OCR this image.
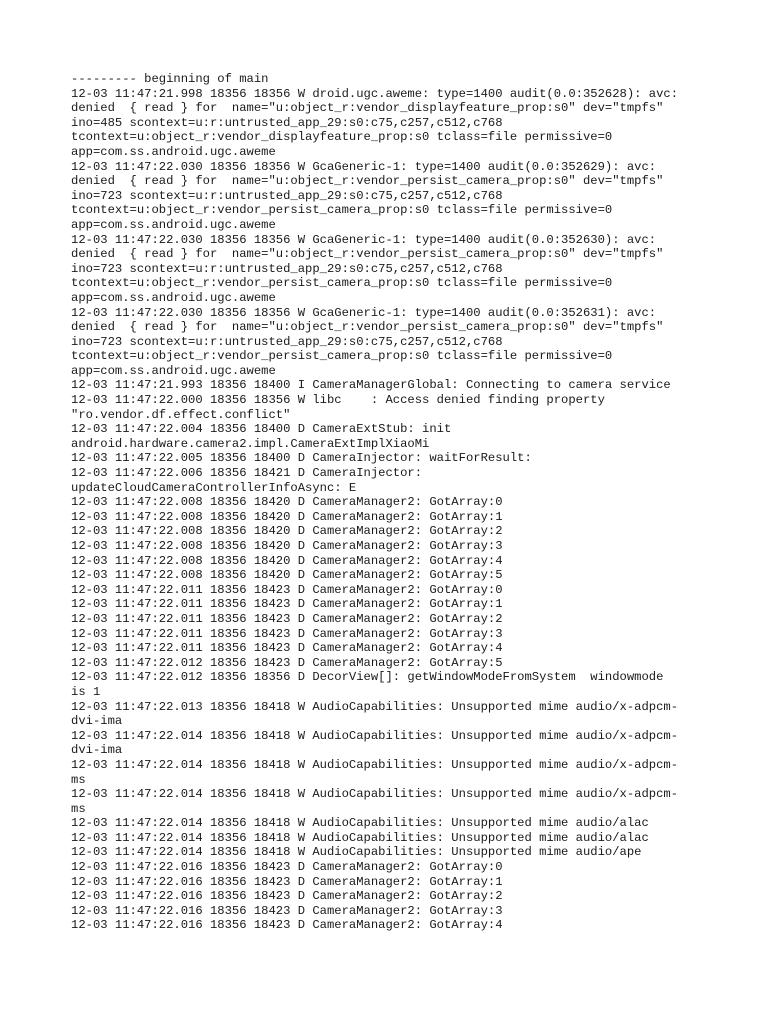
--------- beginning of main
12-03 11:47:21.998 18356 18356 W droid.ugc.aweme: type=1400 audit(0.0:352628): avc:
denied  { read } for  name="u:object_r:vendor_displayfeature_prop:s0" dev="tmpfs"
ino=485 scontext=u:r:untrusted_app_29:s0:c75,c257,c512,c768
tcontext=u:object_r:vendor_displayfeature_prop:s0 tclass=file permissive=0
app=com.ss.android.ugc.aweme
12-03 11:47:22.030 18356 18356 W GcaGeneric-1: type=1400 audit(0.0:352629): avc:
denied  { read } for  name="u:object_r:vendor_persist_camera_prop:s0" dev="tmpfs"
ino=723 scontext=u:r:untrusted_app_29:s0:c75,c257,c512,c768
tcontext=u:object_r:vendor_persist_camera_prop:s0 tclass=file permissive=0
app=com.ss.android.ugc.aweme
12-03 11:47:22.030 18356 18356 W GcaGeneric-1: type=1400 audit(0.0:352630): avc:
denied  { read } for  name="u:object_r:vendor_persist_camera_prop:s0" dev="tmpfs"
ino=723 scontext=u:r:untrusted_app_29:s0:c75,c257,c512,c768
tcontext=u:object_r:vendor_persist_camera_prop:s0 tclass=file permissive=0
app=com.ss.android.ugc.aweme
12-03 11:47:22.030 18356 18356 W GcaGeneric-1: type=1400 audit(0.0:352631): avc:
denied  { read } for  name="u:object_r:vendor_persist_camera_prop:s0" dev="tmpfs"
ino=723 scontext=u:r:untrusted_app_29:s0:c75,c257,c512,c768
tcontext=u:object_r:vendor_persist_camera_prop:s0 tclass=file permissive=0
app=com.ss.android.ugc.aweme
12-03 11:47:21.993 18356 18400 I CameraManagerGlobal: Connecting to camera service
12-03 11:47:22.000 18356 18356 W libc    : Access denied finding property
"ro.vendor.df.effect.conflict"
12-03 11:47:22.004 18356 18400 D CameraExtStub: init
android.hardware.camera2.impl.CameraExtImplXiaoMi
12-03 11:47:22.005 18356 18400 D CameraInjector: waitForResult:
12-03 11:47:22.006 18356 18421 D CameraInjector:
updateCloudCameraControllerInfoAsync: E
12-03 11:47:22.008 18356 18420 D CameraManager2: GotArray:0
12-03 11:47:22.008 18356 18420 D CameraManager2: GotArray:1
12-03 11:47:22.008 18356 18420 D CameraManager2: GotArray:2
12-03 11:47:22.008 18356 18420 D CameraManager2: GotArray:3
12-03 11:47:22.008 18356 18420 D CameraManager2: GotArray:4
12-03 11:47:22.008 18356 18420 D CameraManager2: GotArray:5
12-03 11:47:22.011 18356 18423 D CameraManager2: GotArray:0
12-03 11:47:22.011 18356 18423 D CameraManager2: GotArray:1
12-03 11:47:22.011 18356 18423 D CameraManager2: GotArray:2
12-03 11:47:22.011 18356 18423 D CameraManager2: GotArray:3
12-03 11:47:22.011 18356 18423 D CameraManager2: GotArray:4
12-03 11:47:22.012 18356 18423 D CameraManager2: GotArray:5
12-03 11:47:22.012 18356 18356 D DecorView[]: getWindowModeFromSystem  windowmode
is 1
12-03 11:47:22.013 18356 18418 W AudioCapabilities: Unsupported mime audio/x-adpcm-
dvi-ima
12-03 11:47:22.014 18356 18418 W AudioCapabilities: Unsupported mime audio/x-adpcm-
dvi-ima
12-03 11:47:22.014 18356 18418 W AudioCapabilities: Unsupported mime audio/x-adpcm-
ms
12-03 11:47:22.014 18356 18418 W AudioCapabilities: Unsupported mime audio/x-adpcm-
ms
12-03 11:47:22.014 18356 18418 W AudioCapabilities: Unsupported mime audio/alac
12-03 11:47:22.014 18356 18418 W AudioCapabilities: Unsupported mime audio/alac
12-03 11:47:22.014 18356 18418 W AudioCapabilities: Unsupported mime audio/ape
12-03 11:47:22.016 18356 18423 D CameraManager2: GotArray:0
12-03 11:47:22.016 18356 18423 D CameraManager2: GotArray:1
12-03 11:47:22.016 18356 18423 D CameraManager2: GotArray:2
12-03 11:47:22.016 18356 18423 D CameraManager2: GotArray:3
12-03 11:47:22.016 18356 18423 D CameraManager2: GotArray:4
